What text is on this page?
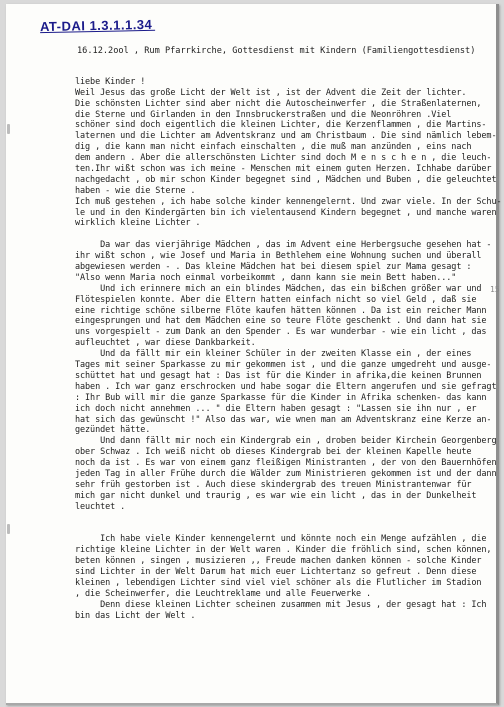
AT-DAI 1.3.1.1.34
16.12.2ool , Rum Pfarrkirche, Gottesdienst mit Kindern (Familiengottesdienst)
15
liebe Kinder !
Weil Jesus das große Licht der Welt ist , ist der Advent die Zeit der lichter.
Die schönsten Lichter sind aber nicht die Autoscheinwerfer , die Straßenlaternen,
die Sterne und Girlanden in den Innsbruckerstraßen und die Neonröhren .Viel
schöner sind doch eigentlich die kleinen Lichter, die Kerzenflammen , die Martins-
laternen und die Lichter am Adventskranz und am Christbaum . Die sind nämlich lebem-
dig , die kann man nicht einfach einschalten , die muß man anzünden , eins nach
dem andern . Aber die allerschönsten Lichter sind doch M e n s c h e n , die leuch-
ten.Ihr wißt schon was ich meine - Menschen mit einem guten Herzen. Ichhabe darüber
nachgedacht , ob mir schon Kinder begegnet sind , Mädchen und Buben , die geleuchtet
haben - wie die Sterne .
Ich muß gestehen , ich habe solche kinder kennengelernt. Und zwar viele. In der Schu-
le und in den Kindergärten bin ich vielentausend Kindern begegnet , und manche waren
wirklich kleine Lichter .
Da war das vierjährige Mädchen , das im Advent eine Herbergsuche gesehen hat -
ihr wißt schon , wie Josef und Maria in Bethlehem eine Wohnung suchen und überall
abgewiesen werden - . Das kleine Mädchen hat bei diesem spiel zur Mama gesagt :
"Also wenn Maria noch einmal vorbeikommt , dann kann sie mein Bett haben..."
Und ich erinnere mich an ein blindes Mädchen, das ein bißchen größer war und
Flötespielen konnte. Aber die Eltern hatten einfach nicht so viel Geld , daß sie
eine richtige schöne silberne Flöte kaufen hätten können . Da ist ein reicher Mann
eingesprungen und hat dem Mädchen eine so teure Flöte geschenkt . Und dann hat sie
uns vorgespielt - zum Dank an den Spender . Es war wunderbar - wie ein licht , das
aufleuchtet , war diese Dankbarkeit.
Und da fällt mir ein kleiner Schüler in der zweiten Klasse ein , der eines
Tages mit seiner Sparkasse zu mir gekommen ist , und die ganze umgedreht und ausge-
schüttet hat und gesagt hat : Das ist für die Kinder in afrika,die keinen Brunnen
haben . Ich war ganz erschrocken und habe sogar die Eltern angerufen und sie gefragt
: Ihr Bub will mir die ganze Sparkasse für die Kinder in Afrika schenken- das kann
ich doch nicht annehmen ... " die Eltern haben gesagt : "Lassen sie ihn nur , er
hat sich das gewünscht !" Also das war, wie wnen man am Adventskranz eine Kerze an-
gezündet hätte.
Und dann fällt mir noch ein Kindergrab ein , droben beider Kirchein Georgenberg
ober Schwaz . Ich weiß nicht ob dieses Kindergrab bei der kleinen Kapelle heute
noch da ist . Es war von einem ganz fleißigen Ministranten , der von den Bauernhöfen
jeden Tag in aller Frühe durch die Wälder zum Ministrieren gekommen ist und der dann
sehr früh gestorben ist . Auch diese skindergrab des treuen Ministrantenwar für
mich gar nicht dunkel und traurig , es war wie ein licht , das in der Dunkelheit
leuchtet .
Ich habe viele Kinder kennengelernt und könnte noch ein Menge aufzählen , die
richtige kleine Lichter in der Welt waren . Kinder die fröhlich sind, schen können,
beten können , singen , musizieren ,, Freude machen danken können - solche Kinder
sind Lichter in der Welt Darum hat mich euer Lichtertanz so gefreut . Denn diese
kleinen , lebendigen Lichter sind viel viel schöner als die Flutlicher im Stadion
, die Scheinwerfer, die Leuchtreklame und alle Feuerwerke .
Denn diese kleinen Lichter scheinen zusammen mit Jesus , der gesagt hat : Ich
bin das Licht der Welt .
